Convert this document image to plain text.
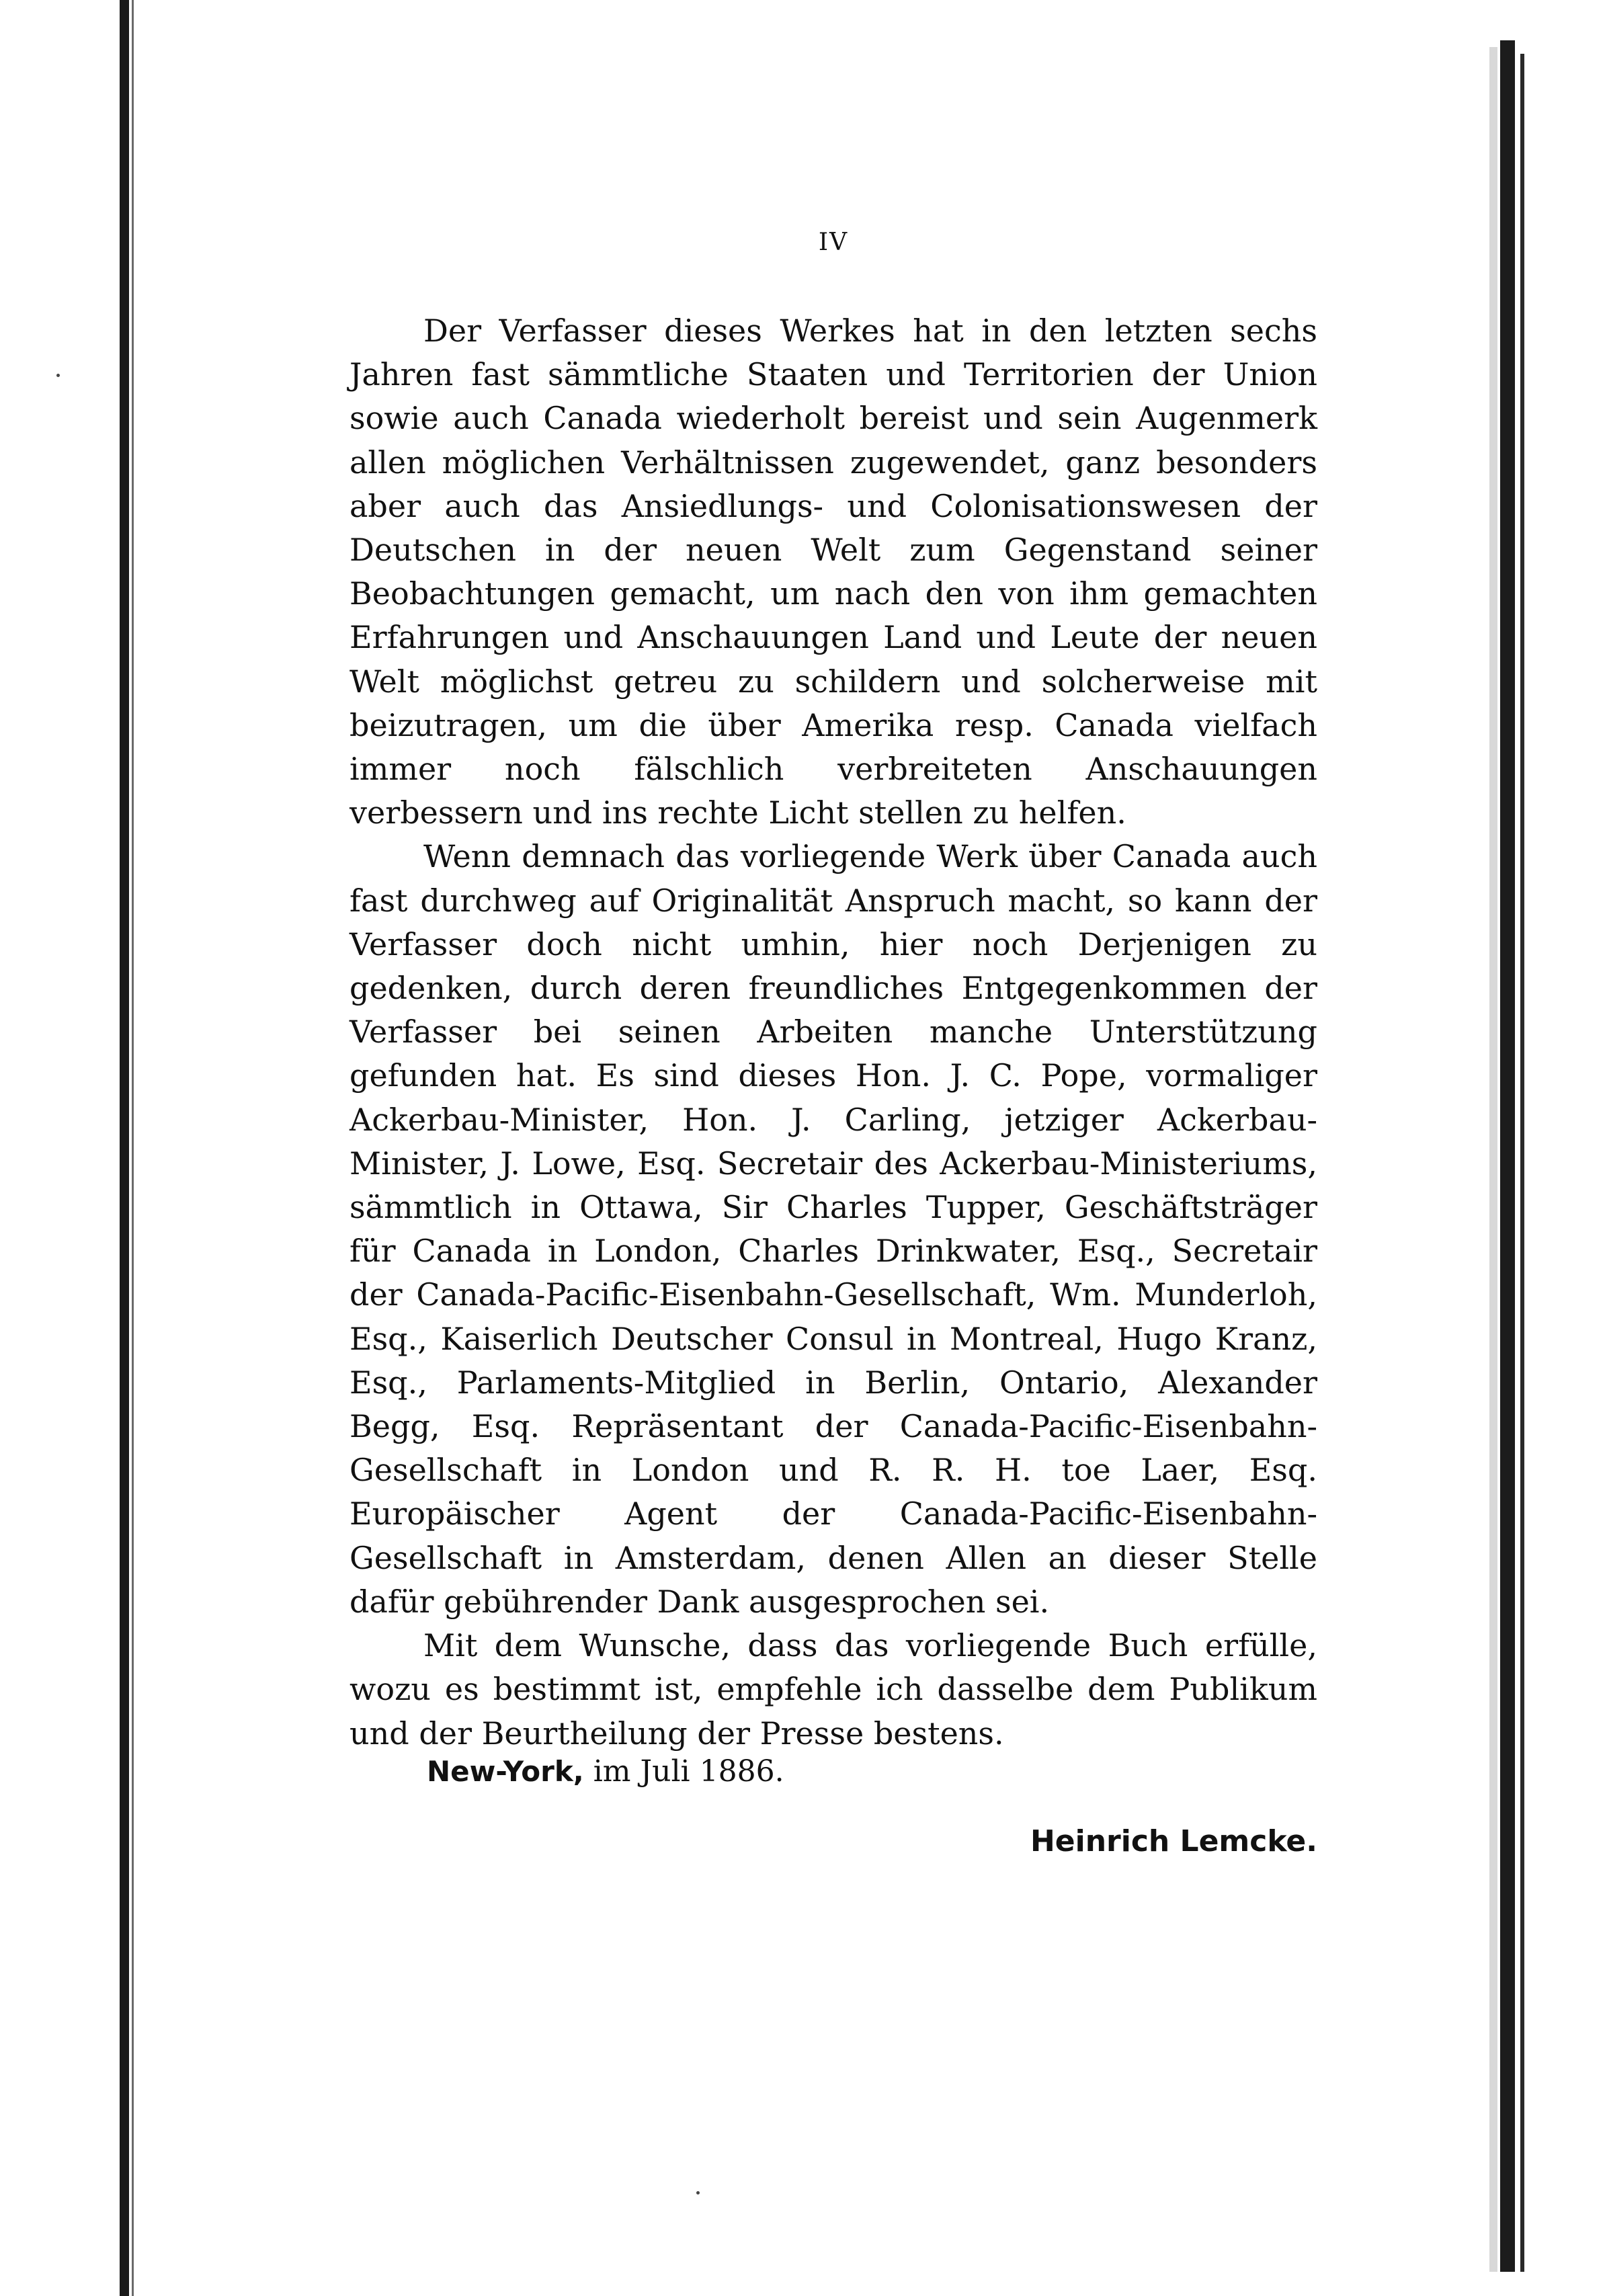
IV

Der Verfasser dieses Werkes hat in den letzten sechs Jahren fast sämmtliche Staaten und Territorien der Union sowie auch Canada wiederholt bereist und sein Augenmerk allen möglichen Verhältnissen zugewendet, ganz besonders aber auch das Ansiedlungs- und Colonisationswesen der Deutschen in der neuen Welt zum Gegenstand seiner Beobachtungen gemacht, um nach den von ihm gemachten Erfahrungen und Anschauungen Land und Leute der neuen Welt möglichst getreu zu schildern und solcherweise mit beizutragen, um die über Amerika resp. Canada vielfach immer noch fälschlich verbreiteten Anschauungen verbessern und ins rechte Licht stellen zu helfen.

Wenn demnach das vorliegende Werk über Canada auch fast durchweg auf Originalität Anspruch macht, so kann der Verfasser doch nicht umhin, hier noch Derjenigen zu gedenken, durch deren freundliches Entgegenkommen der Verfasser bei seinen Arbeiten manche Unterstützung gefunden hat. Es sind dieses Hon. J. C. Pope, vormaliger Ackerbau-Minister, Hon. J. Carling, jetziger Ackerbau-Minister, J. Lowe, Esq. Secretair des Ackerbau-Ministeriums, sämmtlich in Ottawa, Sir Charles Tupper, Geschäftsträger für Canada in London, Charles Drinkwater, Esq., Secretair der Canada-Pacific-Eisenbahn-Gesellschaft, Wm. Munderloh, Esq., Kaiserlich Deutscher Consul in Montreal, Hugo Kranz, Esq., Parlaments-Mitglied in Berlin, Ontario, Alexander Begg, Esq. Repräsentant der Canada-Pacific-Eisenbahn-Gesellschaft in London und R. R. H. toe Laer, Esq. Europäischer Agent der Canada-Pacific-Eisenbahn-Gesellschaft in Amsterdam, denen Allen an dieser Stelle dafür gebührender Dank ausgesprochen sei.

Mit dem Wunsche, dass das vorliegende Buch erfülle, wozu es bestimmt ist, empfehle ich dasselbe dem Publikum und der Beurtheilung der Presse bestens.

New-York, im Juli 1886.
Heinrich Lemcke.
